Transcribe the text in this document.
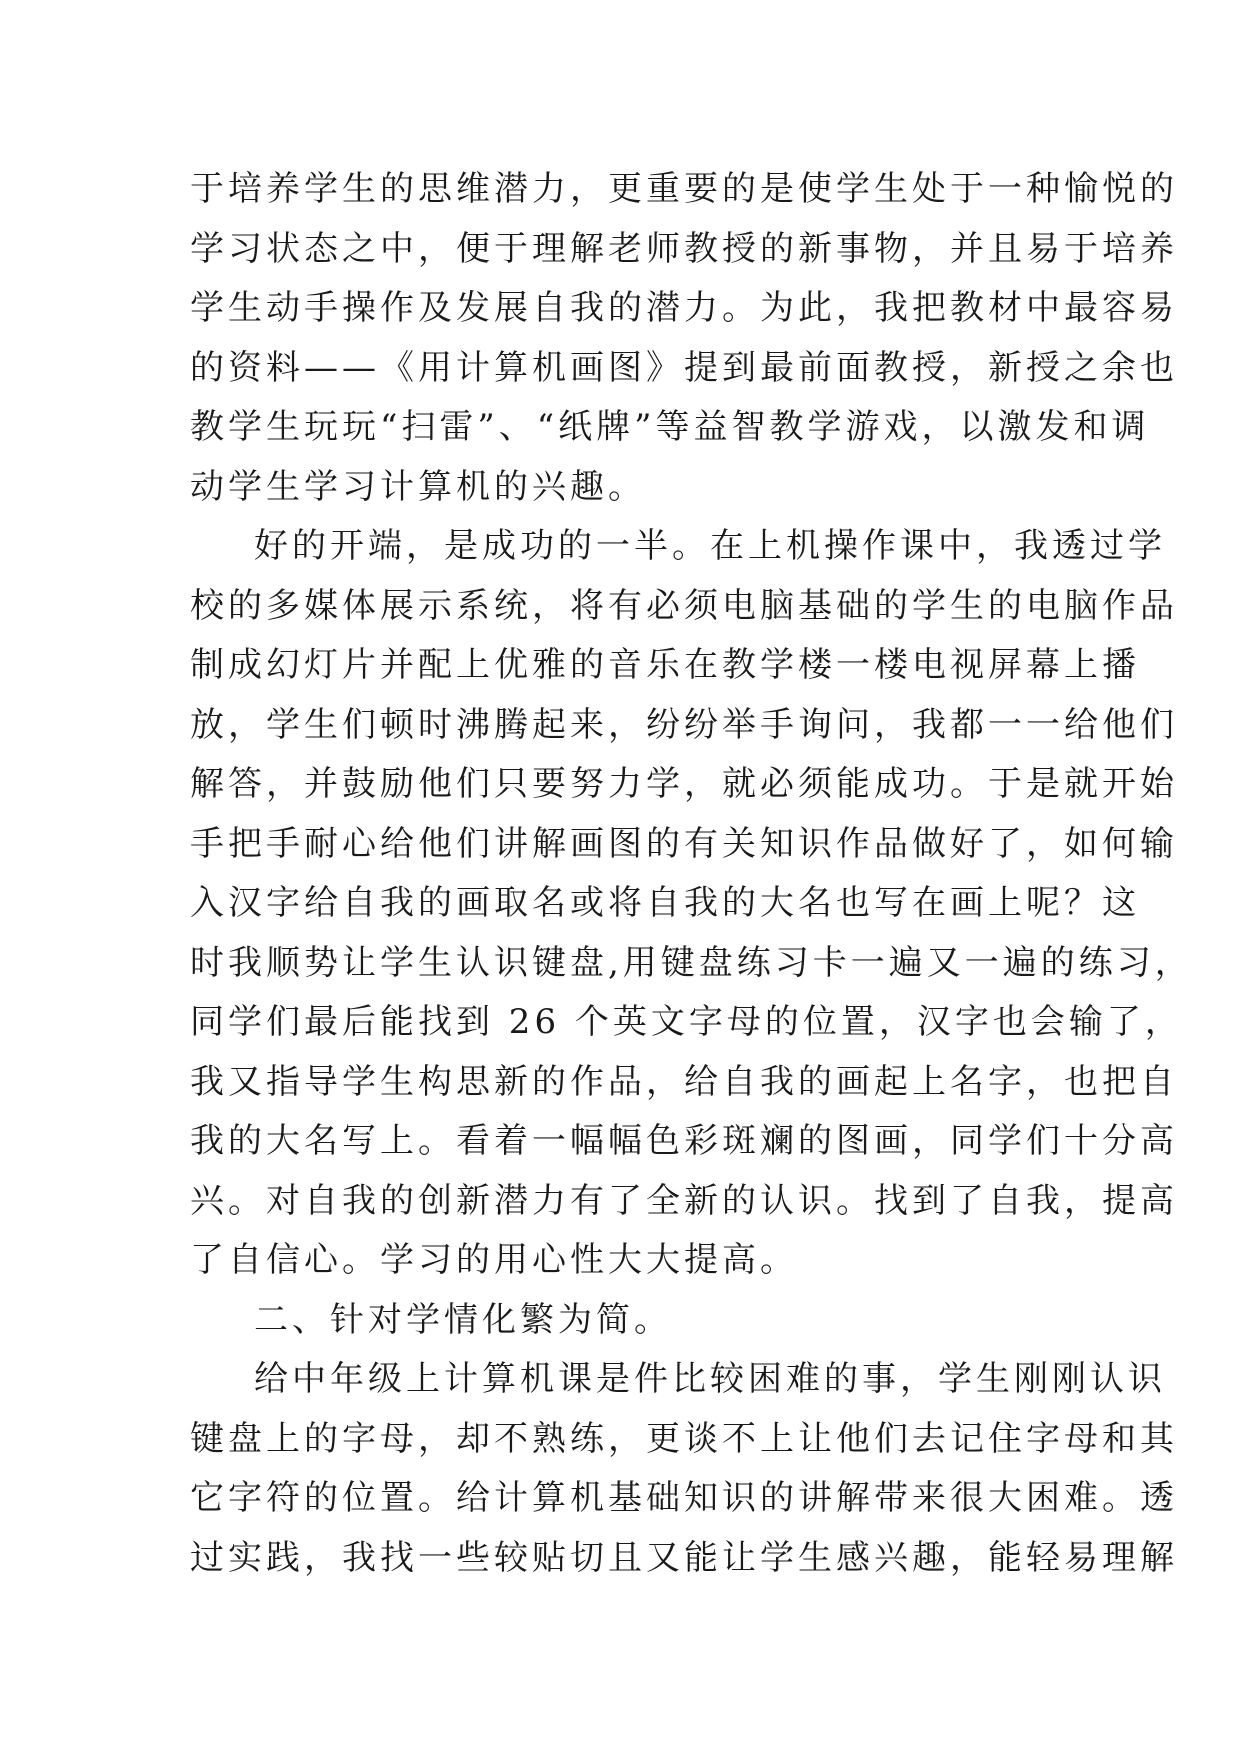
于培养学生的思维潜力，更重要的是使学生处于一种愉悦的
学习状态之中，便于理解老师教授的新事物，并且易于培养
学生动手操作及发展自我的潜力。为此，我把教材中最容易
的资料——《用计算机画图》提到最前面教授，新授之余也
教学生玩玩“扫雷”、“纸牌”等益智教学游戏，以激发和调
动学生学习计算机的兴趣。
好的开端，是成功的一半。在上机操作课中，我透过学
校的多媒体展示系统，将有必须电脑基础的学生的电脑作品
制成幻灯片并配上优雅的音乐在教学楼一楼电视屏幕上播
放，学生们顿时沸腾起来，纷纷举手询问，我都一一给他们
解答，并鼓励他们只要努力学，就必须能成功。于是就开始
手把手耐心给他们讲解画图的有关知识作品做好了，如何输
入汉字给自我的画取名或将自我的大名也写在画上呢？这
时我顺势让学生认识键盘,用键盘练习卡一遍又一遍的练习，
同学们最后能找到 26 个英文字母的位置，汉字也会输了，
我又指导学生构思新的作品，给自我的画起上名字，也把自
我的大名写上。看着一幅幅色彩斑斓的图画，同学们十分高
兴。对自我的创新潜力有了全新的认识。找到了自我，提高
了自信心。学习的用心性大大提高。
二、针对学情化繁为简。
给中年级上计算机课是件比较困难的事，学生刚刚认识
键盘上的字母，却不熟练，更谈不上让他们去记住字母和其
它字符的位置。给计算机基础知识的讲解带来很大困难。透
过实践，我找一些较贴切且又能让学生感兴趣，能轻易理解
